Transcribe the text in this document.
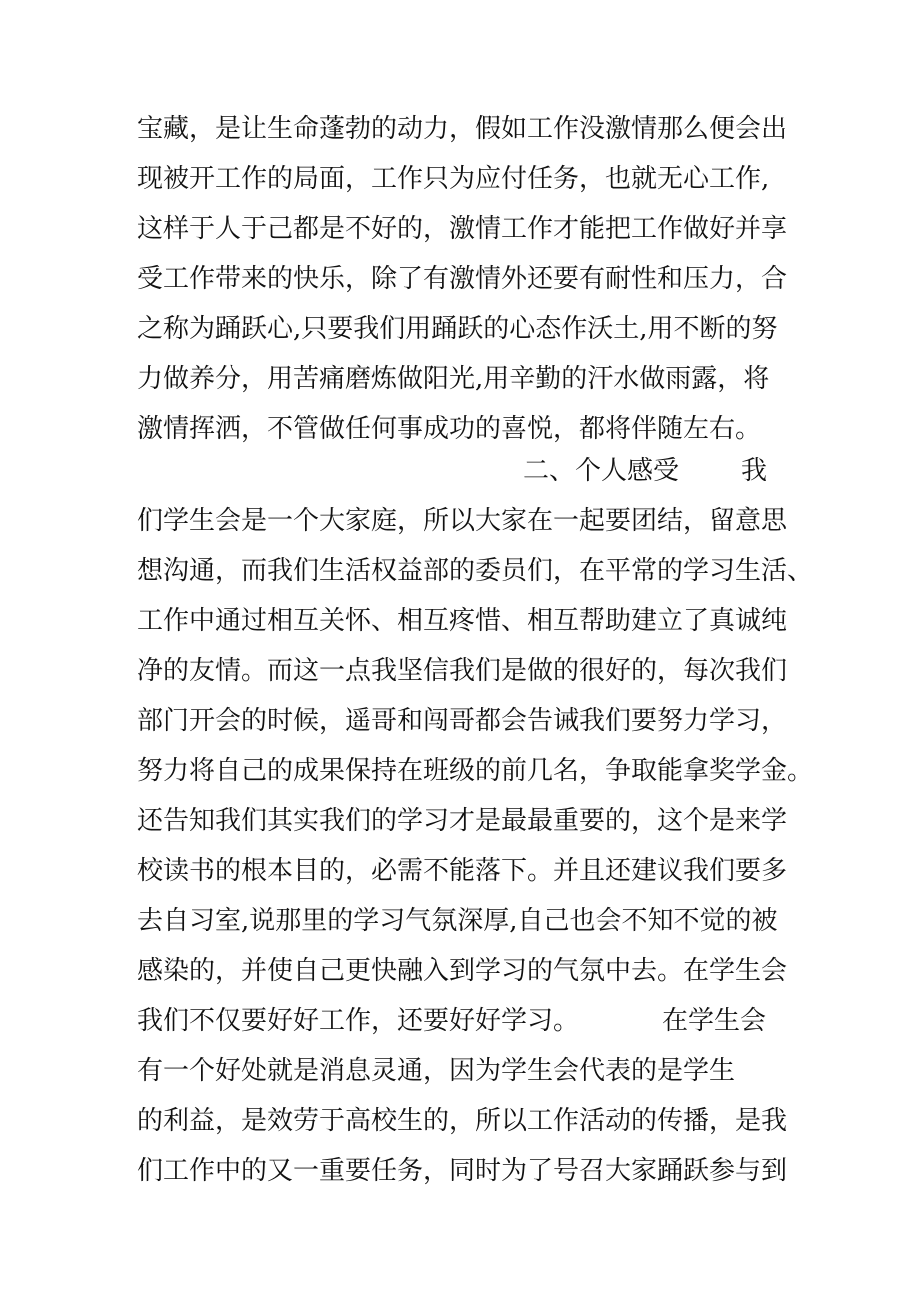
宝藏，是让生命蓬勃的动力，假如工作没激情那么便会出

现被开工作的局面，工作只为应付任务，也就无心工作,

这样于人于己都是不好的，激情工作才能把工作做好并享

受工作带来的快乐，除了有激情外还要有耐性和压力，合

之称为踊跃心,只要我们用踊跃的心态作沃土,用不断的努

力做养分，用苦痛磨炼做阳光,用辛勤的汗水做雨露，将

激情挥洒，不管做任何事成功的喜悦，都将伴随左右。

二、个人感受 我

们学生会是一个大家庭，所以大家在一起要团结，留意思

想沟通，而我们生活权益部的委员们，在平常的学习生活、

工作中通过相互关怀、相互疼惜、相互帮助建立了真诚纯

净的友情。而这一点我坚信我们是做的很好的，每次我们

部门开会的时候，遥哥和闯哥都会告诫我们要努力学习，

努力将自己的成果保持在班级的前几名，争取能拿奖学金。

还告知我们其实我们的学习才是最最重要的，这个是来学

校读书的根本目的，必需不能落下。并且还建议我们要多

去自习室,说那里的学习气氛深厚,自己也会不知不觉的被

感染的，并使自己更快融入到学习的气氛中去。在学生会

我们不仅要好好工作，还要好好学习。	在学生会

有一个好处就是消息灵通，因为学生会代表的是学生

的利益，是效劳于高校生的，所以工作活动的传播，是我

们工作中的又一重要任务，同时为了号召大家踊跃参与到
